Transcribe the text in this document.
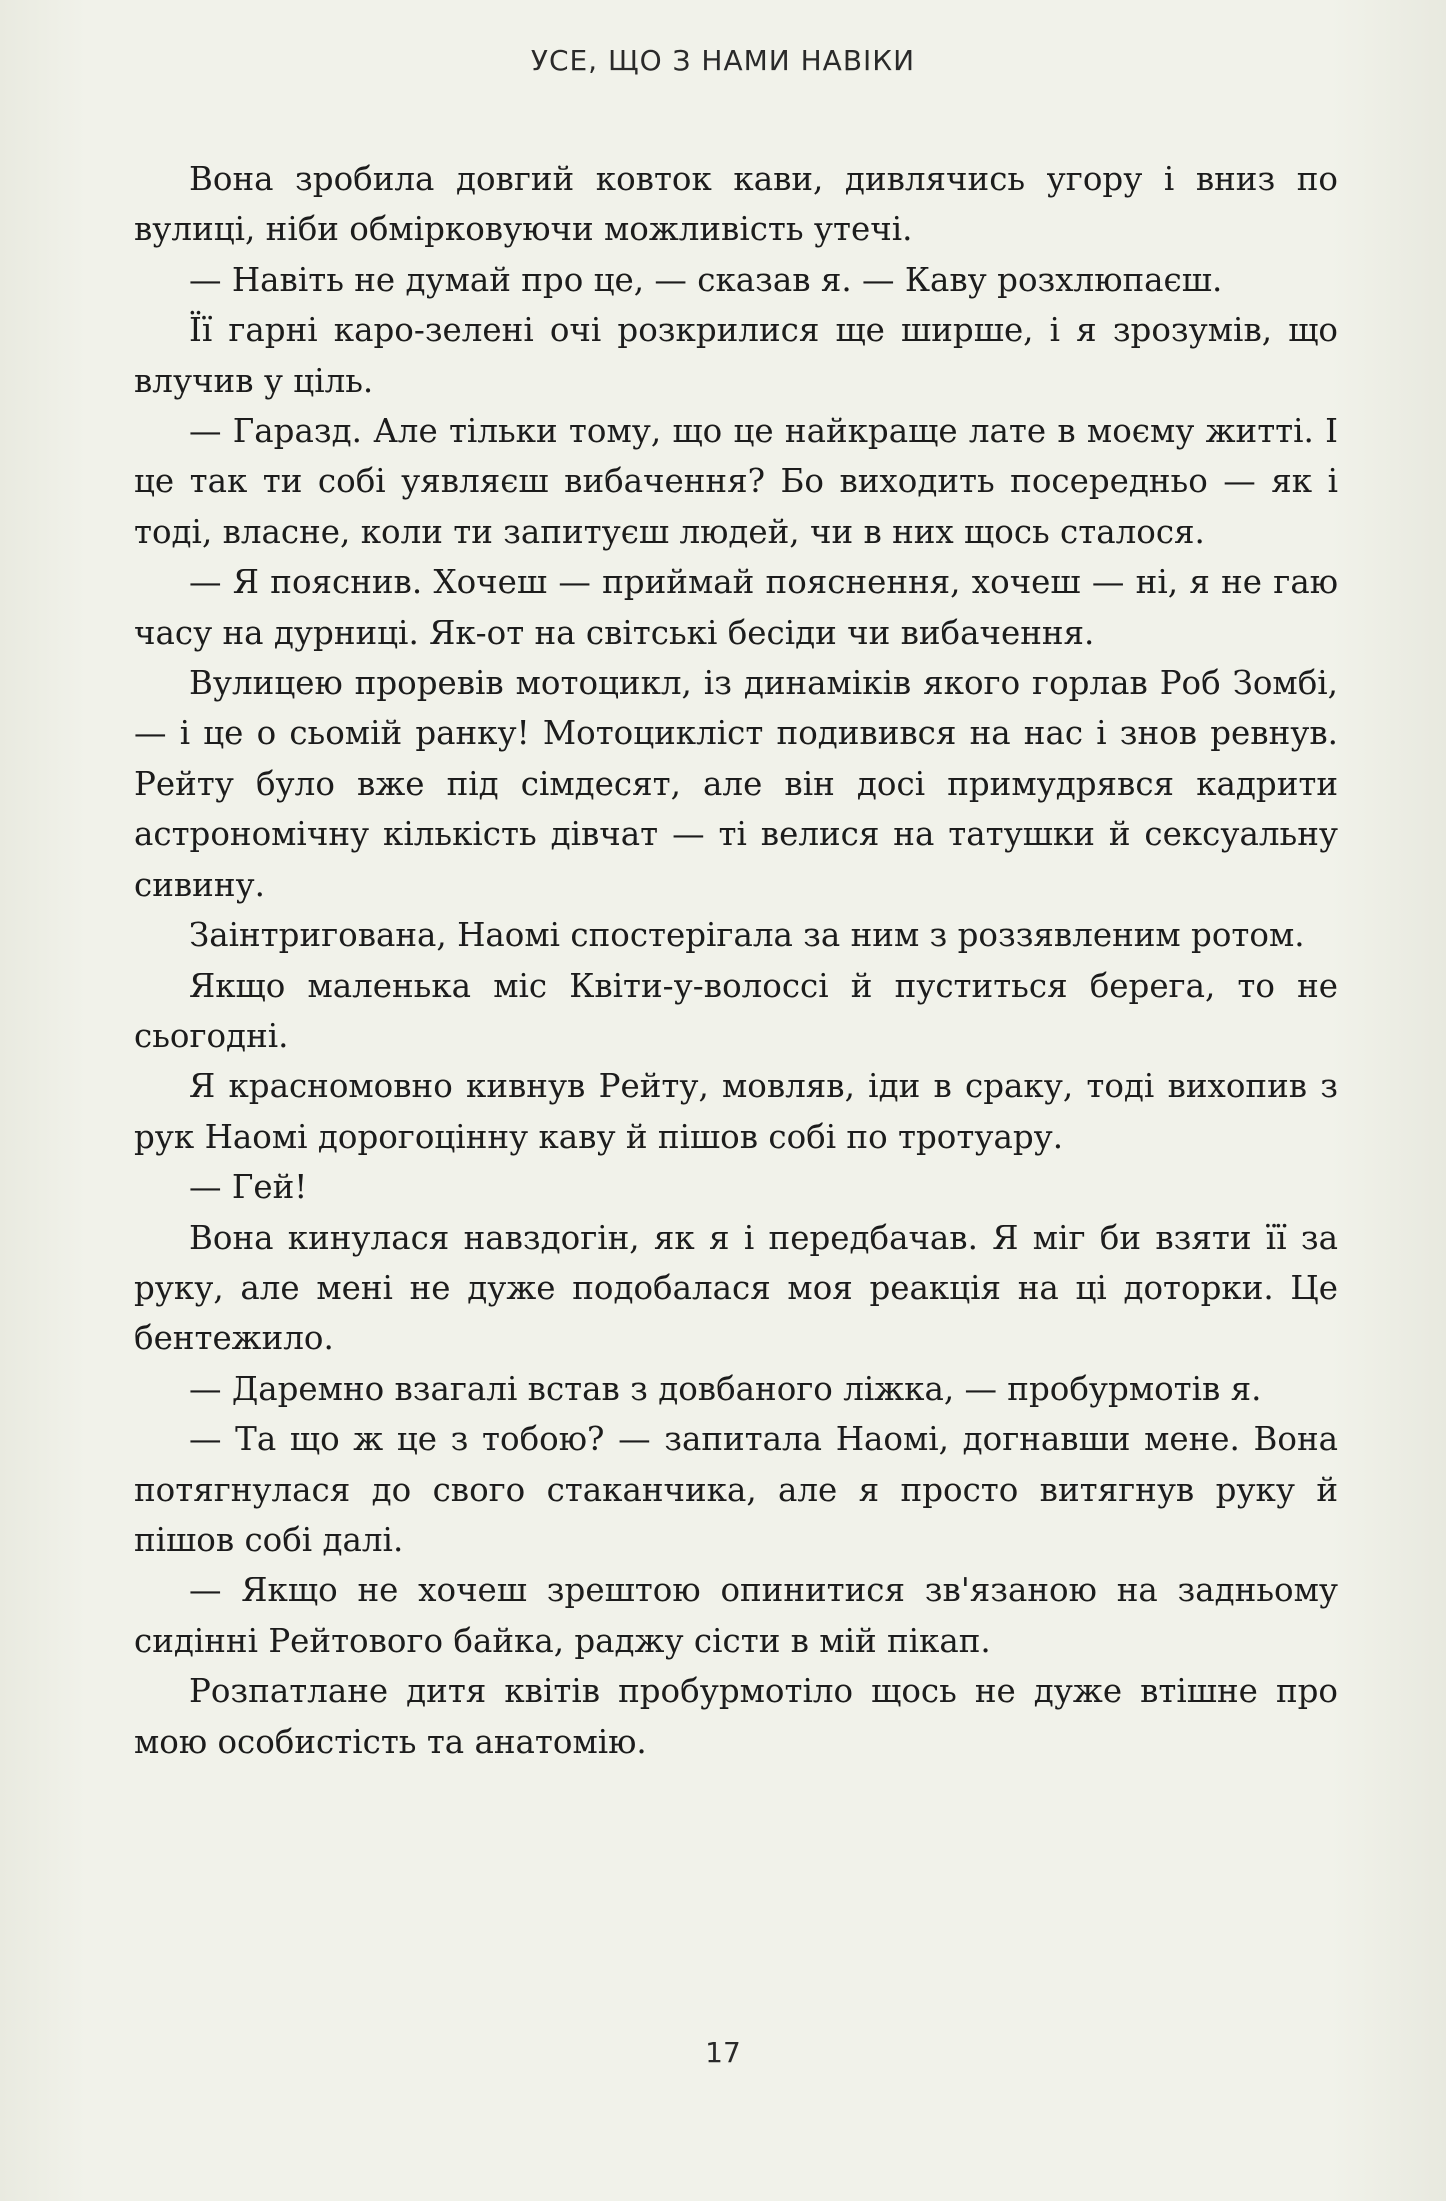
УСЕ, ЩО З НАМИ НАВІКИ

Вона зробила довгий ковток кави, дивлячись угору і вниз по вулиці, ніби обмірковуючи можливість утечі.

— Навіть не думай про це, — сказав я. — Каву розхлюпаєш.

Її гарні каро-зелені очі розкрилися ще ширше, і я зрозумів, що влучив у ціль.

— Гаразд. Але тільки тому, що це найкраще лате в моєму житті. І це так ти собі уявляєш вибачення? Бо виходить посередньо — як і тоді, власне, коли ти запитуєш людей, чи в них щось сталося.

— Я пояснив. Хочеш — приймай пояснення, хочеш — ні, я не гаю часу на дурниці. Як-от на світські бесіди чи вибачення.

Вулицею проревів мотоцикл, із динаміків якого горлав Роб Зомбі, — і це о сьомій ранку! Мотоцикліст подивився на нас і знов ревнув. Рейту було вже під сімдесят, але він досі примудрявся кадрити астрономічну кількість дівчат — ті велися на татушки й сексуальну сивину.

Заінтригована, Наомі спостерігала за ним з роззявленим ротом.

Якщо маленька міс Квіти-у-волоссі й пуститься берега, то не сьогодні.

Я красномовно кивнув Рейту, мовляв, іди в сраку, тоді вихопив з рук Наомі дорогоцінну каву й пішов собі по тротуару.

— Гей!

Вона кинулася навздогін, як я і передбачав. Я міг би взяти її за руку, але мені не дуже подобалася моя реакція на ці доторки. Це бентежило.

— Даремно взагалі встав з довбаного ліжка, — пробурмотів я.

— Та що ж це з тобою? — запитала Наомі, догнавши мене. Вона потягнулася до свого стаканчика, але я просто витягнув руку й пішов собі далі.

— Якщо не хочеш зрештою опинитися зв'язаною на задньому сидінні Рейтового байка, раджу сісти в мій пікап.

Розпатлане дитя квітів пробурмотіло щось не дуже втішне про мою особистість та анатомію.

17
